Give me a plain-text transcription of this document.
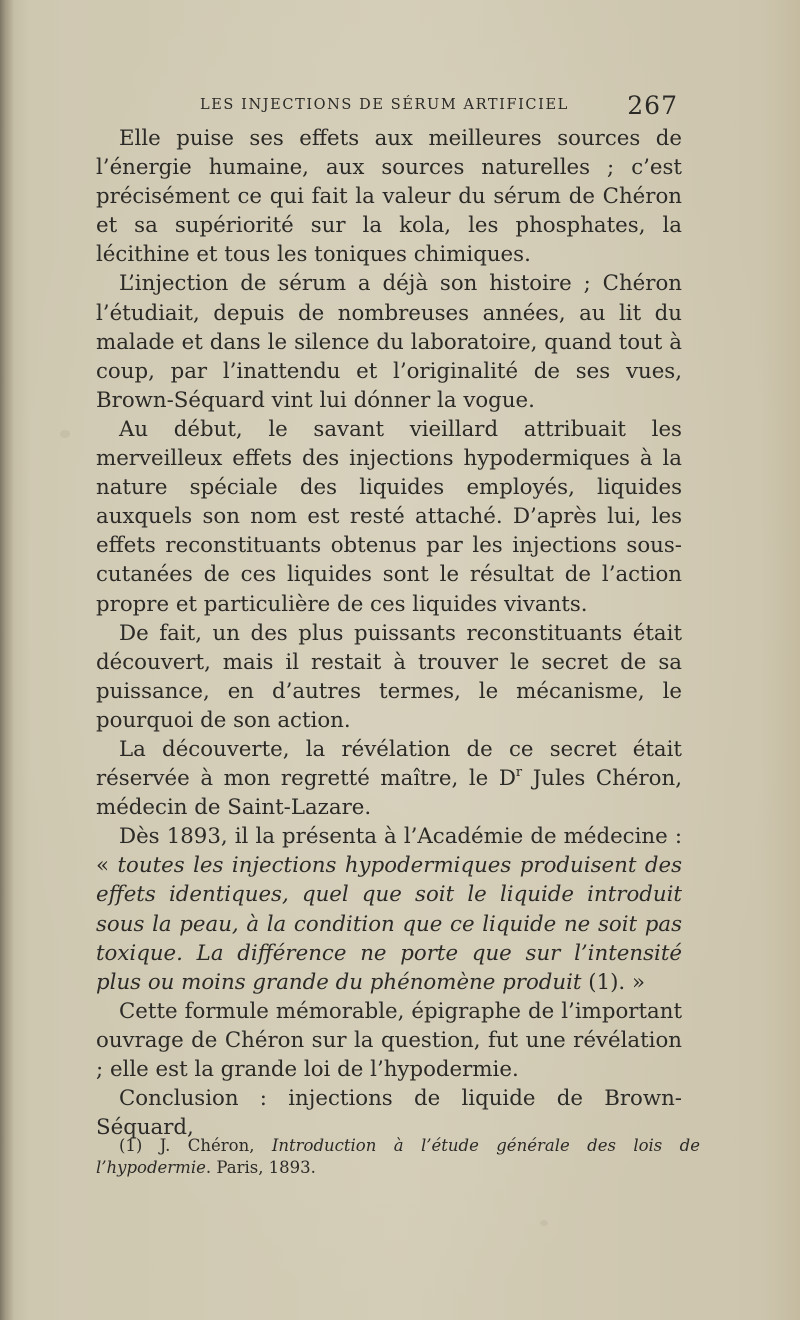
LES INJECTIONS DE SÉRUM ARTIFICIEL 267

Elle puise ses effets aux meilleures sources de l’énergie humaine, aux sources naturelles ; c’est précisément ce qui fait la valeur du sérum de Chéron et sa supériorité sur la kola, les phosphates, la lécithine et tous les toniques chimiques.

L’injection de sérum a déjà son histoire ; Chéron l’étudiait, depuis de nombreuses années, au lit du malade et dans le silence du laboratoire, quand tout à coup, par l’inattendu et l’originalité de ses vues, Brown-Séquard vint lui dónner la vogue.

Au début, le savant vieillard attribuait les merveilleux effets des injections hypodermiques à la nature spéciale des liquides employés, liquides auxquels son nom est resté attaché. D’après lui, les effets reconstituants obtenus par les injections sous-cutanées de ces liquides sont le résultat de l’action propre et particulière de ces liquides vivants.

De fait, un des plus puissants reconstituants était découvert, mais il restait à trouver le secret de sa puissance, en d’autres termes, le mécanisme, le pourquoi de son action.

La découverte, la révélation de ce secret était réservée à mon regretté maître, le $D^r$ Jules Chéron, médecin de Saint-Lazare.

Dès 1893, il la présenta à l’Académie de médecine : « toutes les injections hypodermiques produisent des effets identiques, quel que soit le liquide introduit sous la peau, à la condition que ce liquide ne soit pas toxique. La différence ne porte que sur l’intensité plus ou moins grande du phénomène produit (1). »

Cette formule mémorable, épigraphe de l’important ouvrage de Chéron sur la question, fut une révélation ; elle est la grande loi de l’hypodermie.

Conclusion : injections de liquide de Brown-Séquard,

(1) J. Chéron, Introduction à l’étude générale des lois de l’hypodermie. Paris, 1893.
